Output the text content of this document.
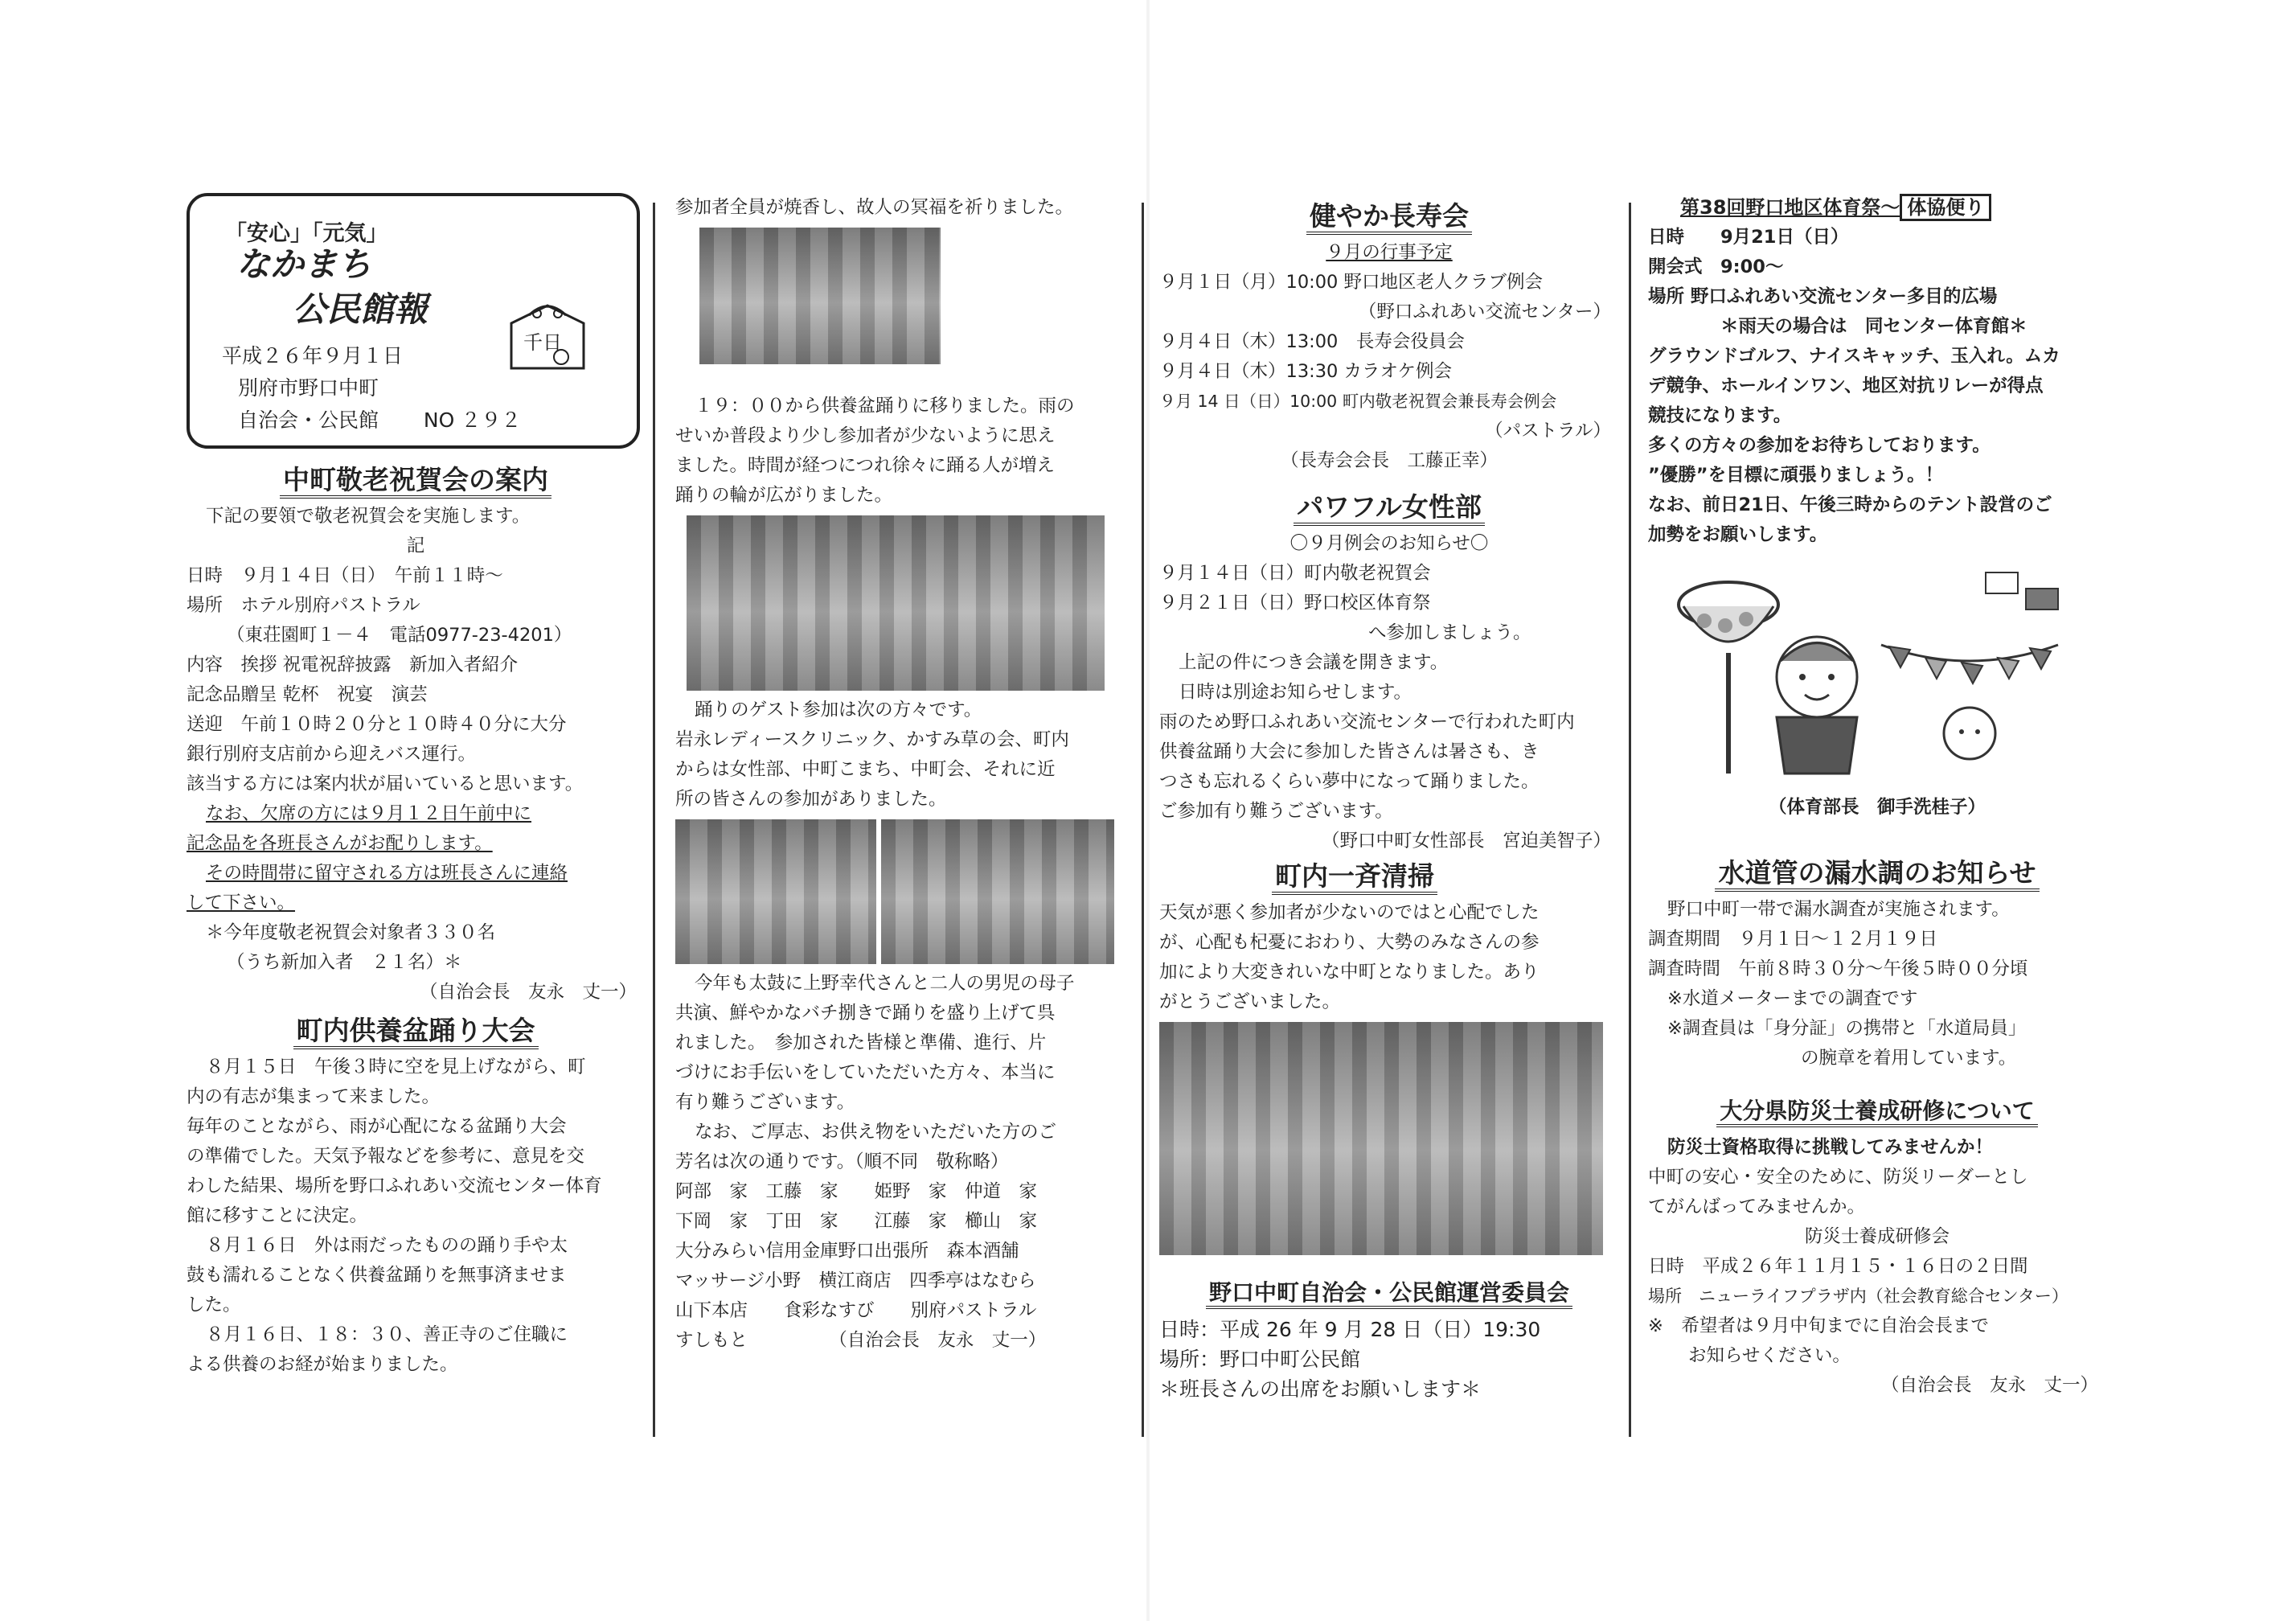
「安心」「元気」
なかまち
公民館報
千日
平成２６年９月１日
別府市野口中町
自治会・公民館 NO ２９２
中町敬老祝賀会の案内

下記の要領で敬老祝賀会を実施します。

記

日時　９月１４日（日）　午前１１時～

場所　ホテル別府パストラル

（東荘園町１－４　電話0977-23-4201）

内容　挨拶 祝電祝辞披露　新加入者紹介

記念品贈呈 乾杯　祝宴　演芸

送迎　午前１０時２０分と１０時４０分に大分

銀行別府支店前から迎えバス運行。

該当する方には案内状が届いていると思います。

なお、欠席の方には９月１２日午前中に

記念品を各班長さんがお配りします。

その時間帯に留守される方は班長さんに連絡

して下さい。

＊今年度敬老祝賀会対象者３３０名

（うち新加入者　２１名）＊

（自治会長　友永　丈一）

町内供養盆踊り大会

８月１５日　午後３時に空を見上げながら、町

内の有志が集まって来ました。

毎年のことながら、雨が心配になる盆踊り大会

の準備でした。天気予報などを参考に、意見を交

わした結果、場所を野口ふれあい交流センター体育

館に移すことに決定。

８月１６日　外は雨だったものの踊り手や太

鼓も濡れることなく供養盆踊りを無事済ませま

した。

８月１６日、１８：３０、善正寺のご住職に

よる供養のお経が始まりました。

参加者全員が焼香し、故人の冥福を祈りました。

１９：００から供養盆踊りに移りました。雨の

せいか普段より少し参加者が少ないように思え

ました。時間が経つにつれ徐々に踊る人が増え

踊りの輪が広がりました。

踊りのゲスト参加は次の方々です。

岩永レディースクリニック、かすみ草の会、町内

からは女性部、中町こまち、中町会、それに近

所の皆さんの参加がありました。

今年も太鼓に上野幸代さんと二人の男児の母子

共演、鮮やかなバチ捌きで踊りを盛り上げて呉

れました。　参加された皆様と準備、進行、片

づけにお手伝いをしていただいた方々、本当に

有り難うございます。

なお、ご厚志、お供え物をいただいた方のご

芳名は次の通りです。（順不同　敬称略）

阿部　家　工藤　家　　姫野　家　仲道　家

下岡　家　丁田　家　　江藤　家　櫛山　家

大分みらい信用金庫野口出張所　森本酒舗

マッサージ小野　横江商店　四季亭はなむら

山下本店　　食彩なすび　　別府パストラル

すしもと　　　　　（自治会長　友永　丈一）

健やか長寿会

９月の行事予定

９月１日（月）10:00 野口地区老人クラブ例会

（野口ふれあい交流センター）

９月４日（木）13:00　長寿会役員会

９月４日（木）13:30 カラオケ例会

９月 14 日（日）10:00 町内敬老祝賀会兼長寿会例会

（パストラル）

（長寿会会長　工藤正幸）

パワフル女性部

〇９月例会のお知らせ〇

９月１４日（日）町内敬老祝賀会

９月２１日（日）野口校区体育祭

へ参加しましょう。

上記の件につき会議を開きます。

日時は別途お知らせします。

雨のため野口ふれあい交流センターで行われた町内

供養盆踊り大会に参加した皆さんは暑さも、き

つさも忘れるくらい夢中になって踊りました。

ご参加有り難うございます。

（野口中町女性部長　宮迫美智子）

町内一斉清掃

天気が悪く参加者が少ないのではと心配でした

が、心配も杞憂におわり、大勢のみなさんの参

加により大変きれいな中町となりました。あり

がとうございました。

野口中町自治会・公民館運営委員会

日時：平成 26 年 9 月 28 日（日）19:30

場所：野口中町公民館

＊班長さんの出席をお願いします＊

第38回野口地区体育祭～ 体協便り

日時　　9月21日（日）

開会式　9:00～

場所 野口ふれあい交流センター多目的広場

＊雨天の場合は　同センター体育館＊

グラウンドゴルフ、ナイスキャッチ、玉入れ。ムカ

デ競争、ホールインワン、地区対抗リレーが得点

競技になります。

多くの方々の参加をお待ちしております。

”優勝”を目標に頑張りましょう。！

なお、前日21日、午後三時からのテント設営のご

加勢をお願いします。

（体育部長　御手洗桂子）

水道管の漏水調のお知らせ

野口中町一帯で漏水調査が実施されます。

調査期間　９月１日～１２月１９日

調査時間　午前８時３０分～午後５時００分頃

※水道メーターまでの調査です

※調査員は「身分証」の携帯と「水道局員」

の腕章を着用しています。

大分県防災士養成研修について

防災士資格取得に挑戦してみませんか！

中町の安心・安全のために、防災リーダーとし

てがんばってみませんか。

防災士養成研修会

日時　平成２６年１１月１５・１６日の２日間

場所　ニューライフプラザ内（社会教育総合センター）

※　希望者は９月中旬までに自治会長まで

お知らせください。

（自治会長　友永　丈一）
